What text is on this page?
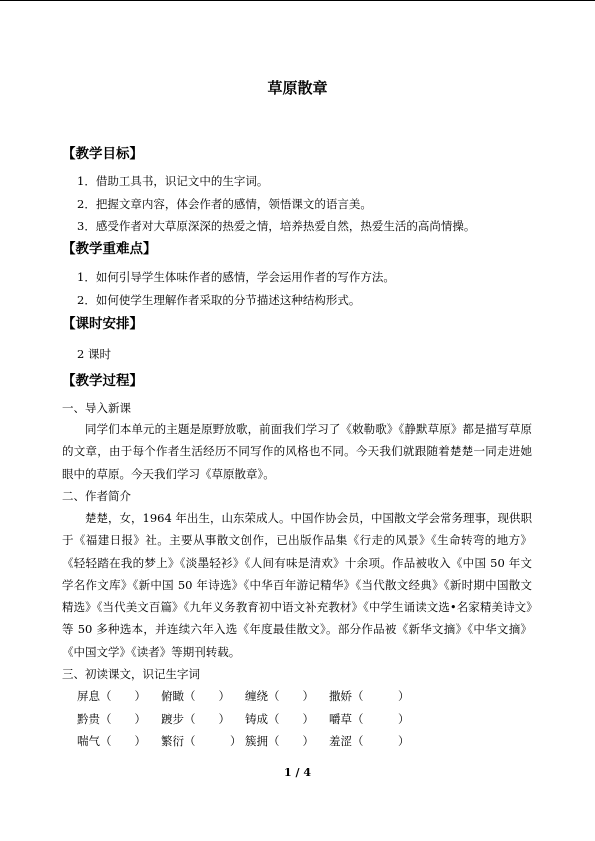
草原散章
【教学目标】
1．借助工具书，识记文中的生字词。
2．把握文章内容，体会作者的感情，领悟课文的语言美。
3．感受作者对大草原深深的热爱之情，培养热爱自然，热爱生活的高尚情操。
【教学重难点】
1．如何引导学生体味作者的感情，学会运用作者的写作方法。
2．如何使学生理解作者采取的分节描述这种结构形式。
【课时安排】
2 课时
【教学过程】
一、导入新课
同学们本单元的主题是原野放歌，前面我们学习了《敕勒歌》《静默草原》都是描写草原的文章，由于每个作者生活经历不同写作的风格也不同。今天我们就跟随着楚楚一同走进她眼中的草原。今天我们学习《草原散章》。
二、作者简介
楚楚，女，1964 年出生，山东荣成人。中国作协会员，中国散文学会常务理事，现供职于《福建日报》社。主要从事散文创作，已出版作品集《行走的风景》《生命转弯的地方》《轻轻踏在我的梦上》《淡墨轻衫》《人间有味是清欢》十余项。作品被收入《中国 50 年文学名作文库》《新中国 50 年诗选》《中华百年游记精华》《当代散文经典》《新时期中国散文精选》《当代美文百篇》《九年义务教育初中语文补充教材》《中学生诵读文选•名家精美诗文》等 50 多种选本，并连续六年入选《年度最佳散文》。部分作品被《新华文摘》《中华文摘》《中国文学》《读者》等期刊转载。
三、初读课文，识记生字词
屏息（　　） 俯瞰（　　） 缠绕（　　） 撒娇（　　　）
黔贵（　　） 踱步（　　） 铸成（　　） 嚼草（　　　）
喘气（　　） 繁衍（　　　） 簇拥（　　） 羞涩（　　　）
1 / 4
